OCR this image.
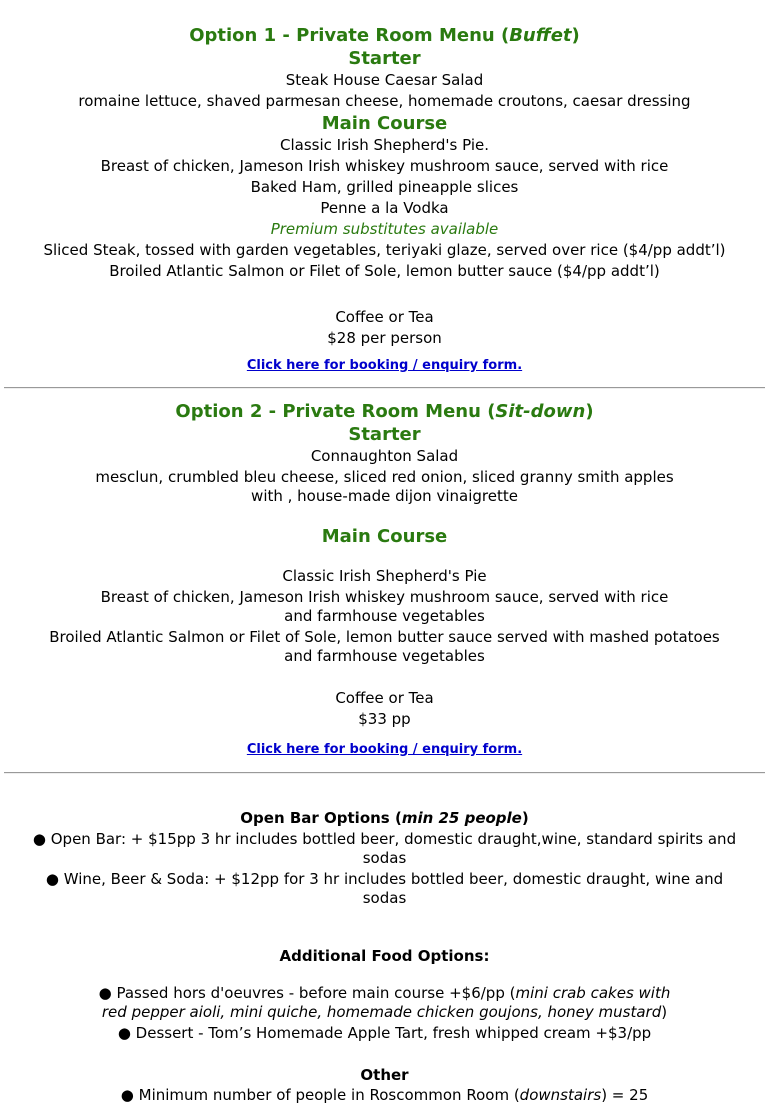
Option 1 - Private Room Menu (Buffet)
Starter
Steak House Caesar Salad
romaine lettuce, shaved parmesan cheese, homemade croutons, caesar dressing
Main Course
Classic Irish Shepherd's Pie.
Breast of chicken, Jameson Irish whiskey mushroom sauce, served with rice
Baked Ham, grilled pineapple slices
Penne a la Vodka
Premium substitutes available
Sliced Steak, tossed with garden vegetables, teriyaki glaze, served over rice ($4/pp addt’l)
Broiled Atlantic Salmon or Filet of Sole, lemon butter sauce ($4/pp addt’l)
Coffee or Tea
$28 per person
Click here for booking / enquiry form.
Option 2 - Private Room Menu (Sit-down)
Starter
Connaughton Salad
mesclun, crumbled bleu cheese, sliced red onion, sliced granny smith apples
with , house-made dijon vinaigrette
Main Course
Classic Irish Shepherd's Pie
Breast of chicken, Jameson Irish whiskey mushroom sauce, served with rice
and farmhouse vegetables
Broiled Atlantic Salmon or Filet of Sole, lemon butter sauce served with mashed potatoes
and farmhouse vegetables
Coffee or Tea
$33 pp
Click here for booking / enquiry form.
Open Bar Options (min 25 people)
● Open Bar: + $15pp 3 hr includes bottled beer, domestic draught,wine, standard spirits and
sodas
● Wine, Beer & Soda: + $12pp for 3 hr includes bottled beer, domestic draught, wine and
sodas
Additional Food Options:
● Passed hors d'oeuvres - before main course +$6/pp (mini crab cakes with
red pepper aioli, mini quiche, homemade chicken goujons, honey mustard)
● Dessert - Tom’s Homemade Apple Tart, fresh whipped cream +$3/pp
Other
● Minimum number of people in Roscommon Room (downstairs) = 25
